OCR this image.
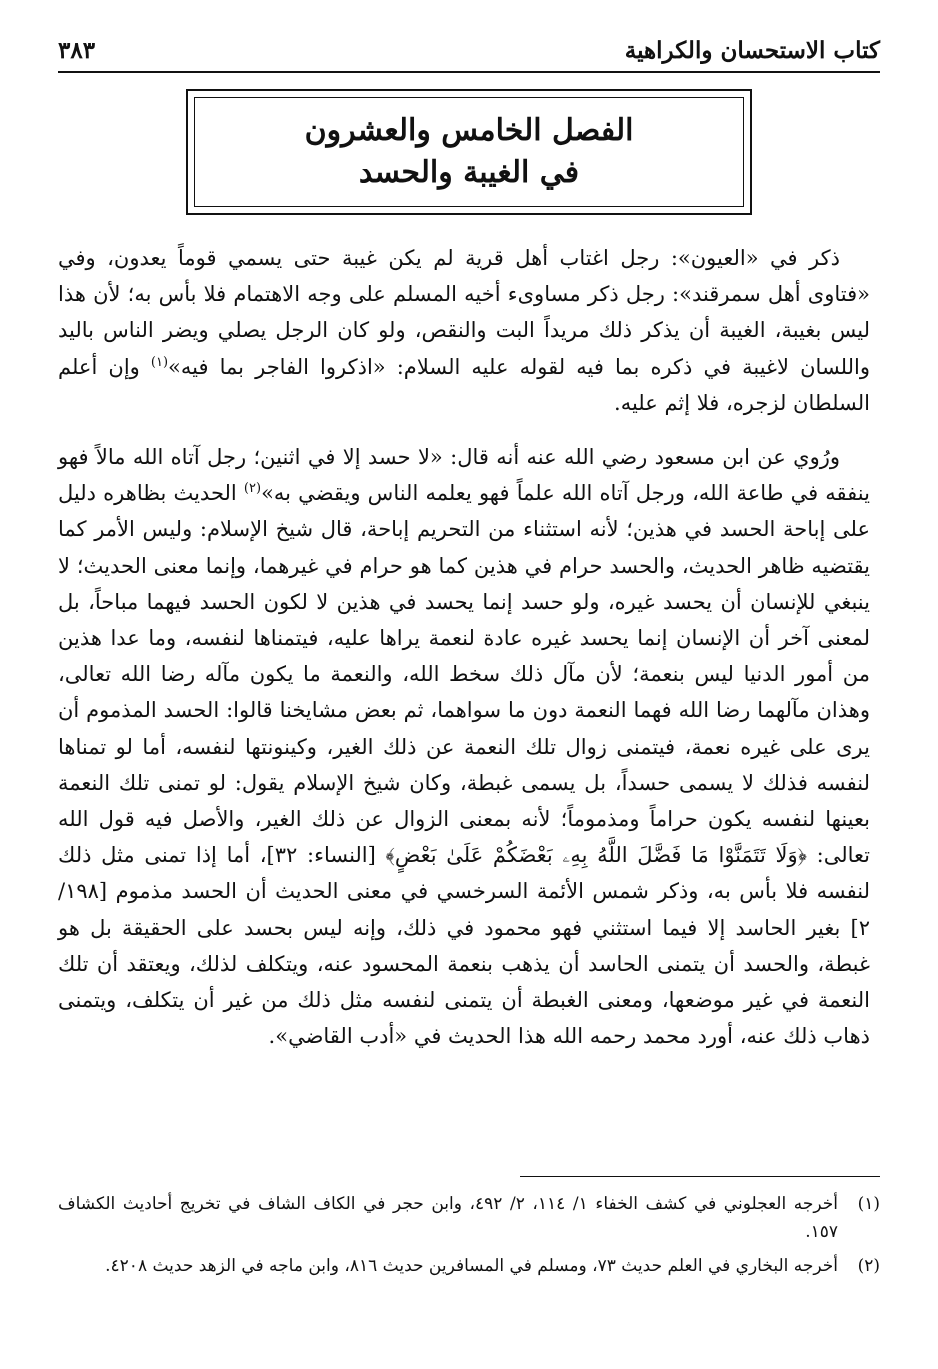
كتاب الاستحسان والكراهية
٣٨٣
الفصل الخامس والعشرون
في الغيبة والحسد

ذكر في «العيون»: رجل اغتاب أهل قرية لم يكن غيبة حتى يسمي قوماً يعدون، وفي «فتاوى أهل سمرقند»: رجل ذكر مساوىء أخيه المسلم على وجه الاهتمام فلا بأس به؛ لأن هذا ليس بغيبة، الغيبة أن يذكر ذلك مريداً البت والنقص، ولو كان الرجل يصلي ويضر الناس باليد واللسان لاغيبة في ذكره بما فيه لقوله عليه السلام: «اذكروا الفاجر بما فيه»$^{(١)}$ وإن أعلم السلطان لزجره، فلا إثم عليه.

ورُوي عن ابن مسعود رضي الله عنه أنه قال: «لا حسد إلا في اثنين؛ رجل آتاه الله مالاً فهو ينفقه في طاعة الله، ورجل آتاه الله علماً فهو يعلمه الناس ويقضي به»$^{(٢)}$ الحديث بظاهره دليل على إباحة الحسد في هذين؛ لأنه استثناء من التحريم إباحة، قال شيخ الإسلام: وليس الأمر كما يقتضيه ظاهر الحديث، والحسد حرام في هذين كما هو حرام في غيرهما، وإنما معنى الحديث؛ لا ينبغي للإنسان أن يحسد غيره، ولو حسد إنما يحسد في هذين لا لكون الحسد فيهما مباحاً، بل لمعنى آخر أن الإنسان إنما يحسد غيره عادة لنعمة يراها عليه، فيتمناها لنفسه، وما عدا هذين من أمور الدنيا ليس بنعمة؛ لأن مآل ذلك سخط الله، والنعمة ما يكون مآله رضا الله تعالى، وهذان مآلهما رضا الله فهما النعمة دون ما سواهما، ثم بعض مشايخنا قالوا: الحسد المذموم أن يرى على غيره نعمة، فيتمنى زوال تلك النعمة عن ذلك الغير، وكينونتها لنفسه، أما لو تمناها لنفسه فذلك لا يسمى حسداً، بل يسمى غبطة، وكان شيخ الإسلام يقول: لو تمنى تلك النعمة بعينها لنفسه يكون حراماً ومذموماً؛ لأنه بمعنى الزوال عن ذلك الغير، والأصل فيه قول الله تعالى: ﴿وَلَا تَتَمَنَّوْا مَا فَضَّلَ اللَّهُ بِهِۦ بَعْضَكُمْ عَلَىٰ بَعْضٍ﴾ [النساء: ٣٢]، أما إذا تمنى مثل ذلك لنفسه فلا بأس به، وذكر شمس الأئمة السرخسي في معنى الحديث أن الحسد مذموم [١٩٨/ ٢] بغير الحاسد إلا فيما استثني فهو محمود في ذلك، وإنه ليس بحسد على الحقيقة بل هو غبطة، والحسد أن يتمنى الحاسد أن يذهب بنعمة المحسود عنه، ويتكلف لذلك، ويعتقد أن تلك النعمة في غير موضعها، ومعنى الغبطة أن يتمنى لنفسه مثل ذلك من غير أن يتكلف، ويتمنى ذهاب ذلك عنه، أورد محمد رحمه الله هذا الحديث في «أدب القاضي».

(١)
أخرجه العجلوني في كشف الخفاء ١/ ١١٤، ٢/ ٤٩٢، وابن حجر في الكاف الشاف في تخريج أحاديث الكشاف ١٥٧.
(٢)
أخرجه البخاري في العلم حديث ٧٣، ومسلم في المسافرين حديث ٨١٦، وابن ماجه في الزهد حديث ٤٢٠٨.
